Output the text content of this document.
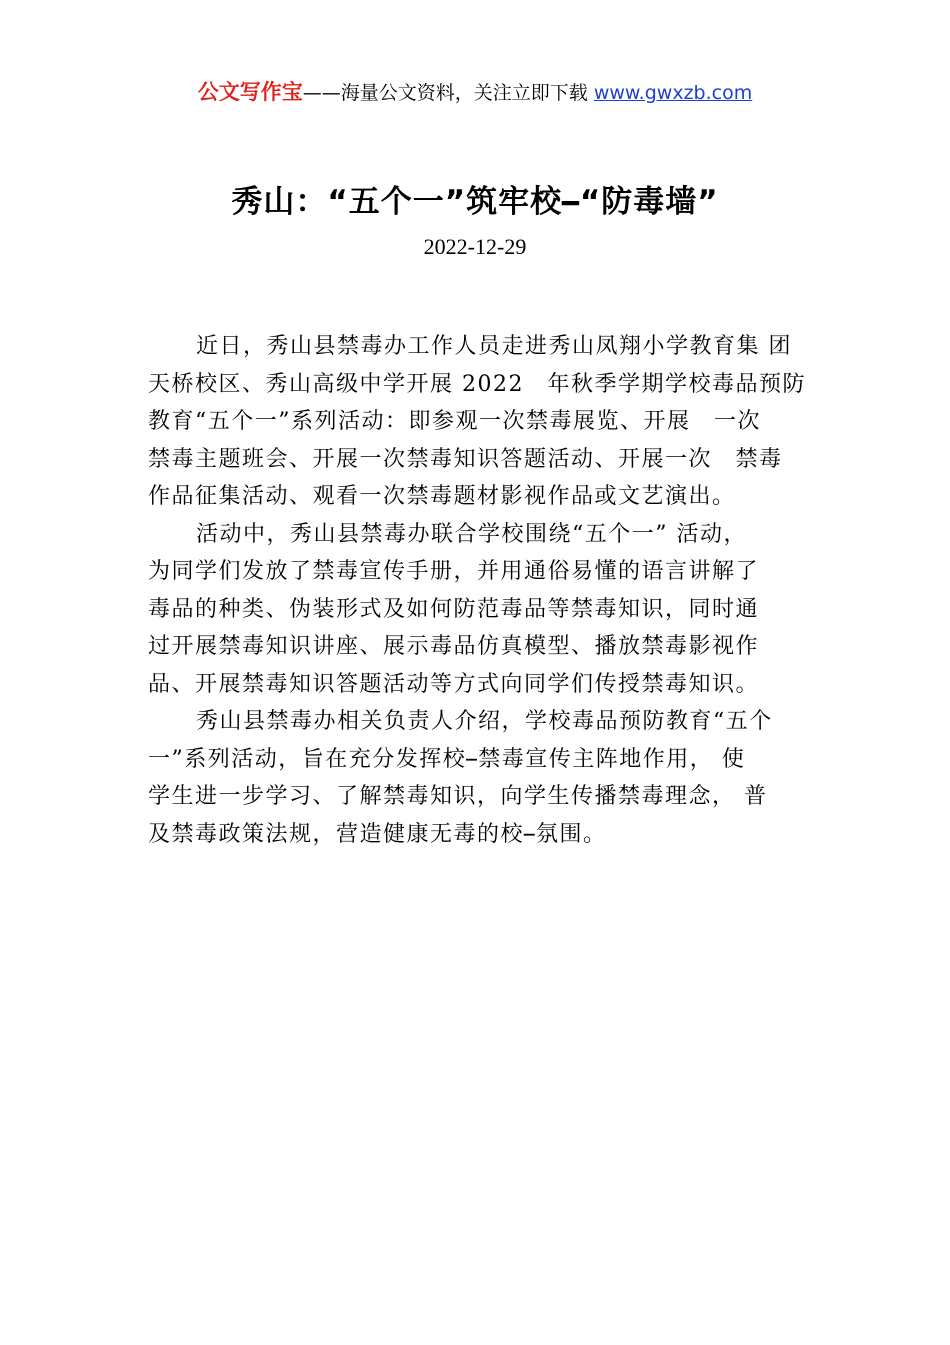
公文写作宝——海量公文资料，关注立即下载 www.gwxzb.com
秀山：“五个一”筑牢校 “防毒墙”
2022-12-29
近日，秀山县禁毒办工作人员走进秀山凤翔小学教育集 团
天桥校区、秀山高级中学开展 2022　年秋季学期学校毒品预防
教育“五个一”系列活动：即参观一次禁毒展览、开展　一次
禁毒主题班会、开展一次禁毒知识答题活动、开展一次　禁毒
作品征集活动、观看一次禁毒题材影视作品或文艺演出。
活动中，秀山县禁毒办联合学校围绕“五个一” 活动，
为同学们发放了禁毒宣传手册，并用通俗易懂的语言讲解了
毒品的种类、伪装形式及如何防范毒品等禁毒知识，同时通
过开展禁毒知识讲座、展示毒品仿真模型、播放禁毒影视作
品、开展禁毒知识答题活动等方式向同学们传授禁毒知识。
秀山县禁毒办相关负责人介绍，学校毒品预防教育“五个
一”系列活动，旨在充分发挥校 禁毒宣传主阵地作用， 使
学生进一步学习、了解禁毒知识，向学生传播禁毒理念， 普
及禁毒政策法规，营造健康无毒的校 氛围。
